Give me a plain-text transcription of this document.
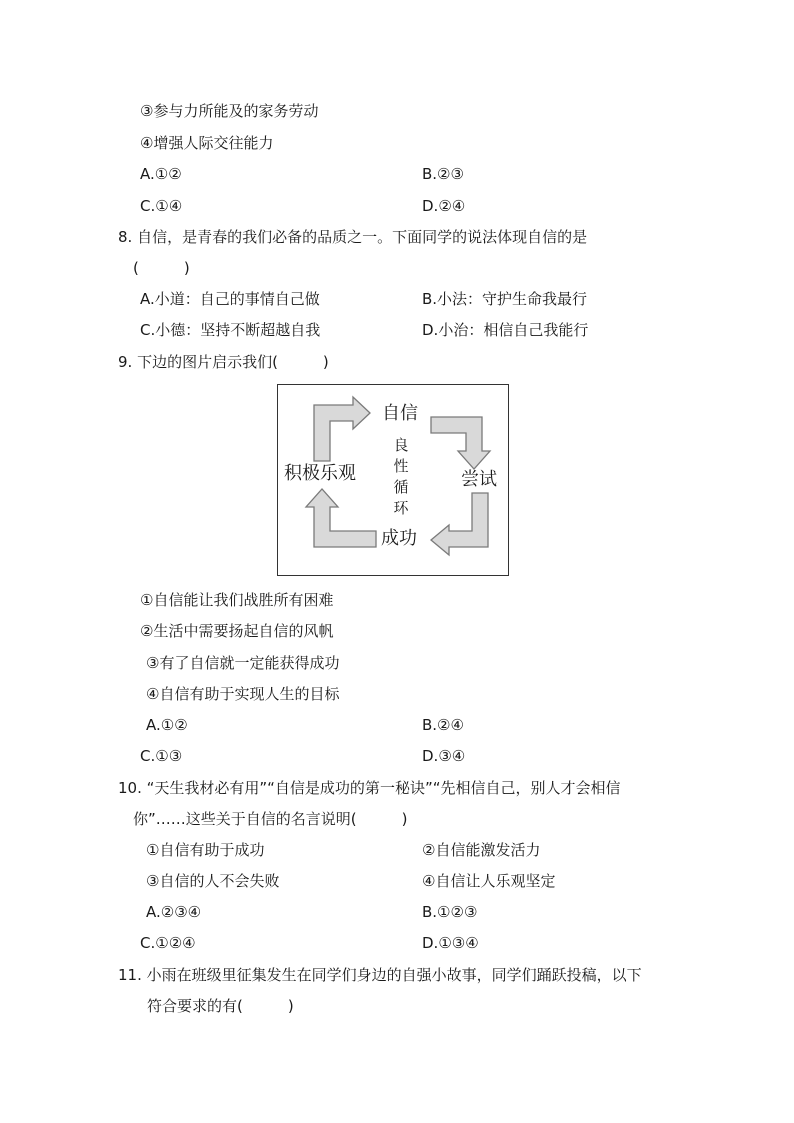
③参与力所能及的家务劳动
④增强人际交往能力
A.①②	B.②③
C.①④	D.②④
8. 自信，是青春的我们必备的品质之一。下面同学的说法体现自信的是
(　　　)
A.小道：自己的事情自己做	B.小法：守护生命我最行
C.小德：坚持不断超越自我	D.小治：相信自己我能行
9. 下边的图片启示我们(　　　)
自信
尝试
成功
积极乐观
良
性
循
环
①自信能让我们战胜所有困难
②生活中需要扬起自信的风帆
③有了自信就一定能获得成功
④自信有助于实现人生的目标
A.①②	B.②④
C.①③	D.③④
10. “天生我材必有用”“自信是成功的第一秘诀”“先相信自己，别人才会相信
你”……这些关于自信的名言说明(　　　)
①自信有助于成功	②自信能激发活力
③自信的人不会失败	④自信让人乐观坚定
A.②③④	B.①②③
C.①②④	D.①③④
11. 小雨在班级里征集发生在同学们身边的自强小故事，同学们踊跃投稿，以下
符合要求的有(　　　)
